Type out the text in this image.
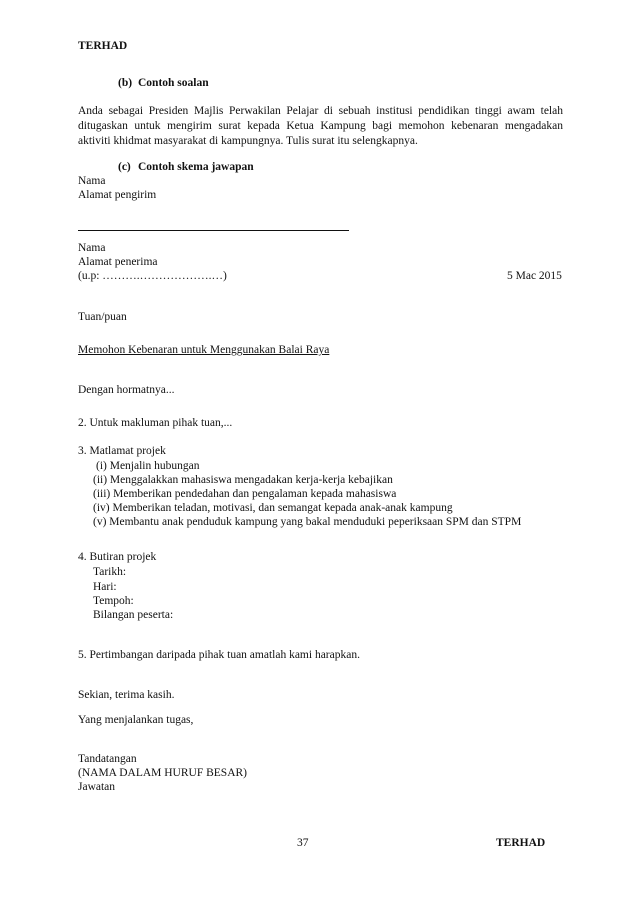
TERHAD
(b) Contoh soalan
Anda sebagai Presiden Majlis Perwakilan Pelajar di sebuah institusi pendidikan tinggi awam telah
ditugaskan untuk mengirim surat kepada Ketua Kampung bagi memohon kebenaran mengadakan
aktiviti khidmat masyarakat di kampungnya. Tulis surat itu selengkapnya.
(c) Contoh skema jawapan
Nama
Alamat pengirim
Nama
Alamat penerima
(u.p: ……….……………….…)	5 Mac 2015
Tuan/puan
Memohon Kebenaran untuk Menggunakan Balai Raya
Dengan hormatnya...
2. Untuk makluman pihak tuan,...
3. Matlamat projek
(i) Menjalin hubungan
(ii) Menggalakkan mahasiswa mengadakan kerja-kerja kebajikan
(iii) Memberikan pendedahan dan pengalaman kepada mahasiswa
(iv) Memberikan teladan, motivasi, dan semangat kepada anak-anak kampung
(v) Membantu anak penduduk kampung yang bakal menduduki peperiksaan SPM dan STPM
4. Butiran projek
Tarikh:
Hari:
Tempoh:
Bilangan peserta:
5. Pertimbangan daripada pihak tuan amatlah kami harapkan.
Sekian, terima kasih.
Yang menjalankan tugas,
Tandatangan
(NAMA DALAM HURUF BESAR)
Jawatan
37	TERHAD
